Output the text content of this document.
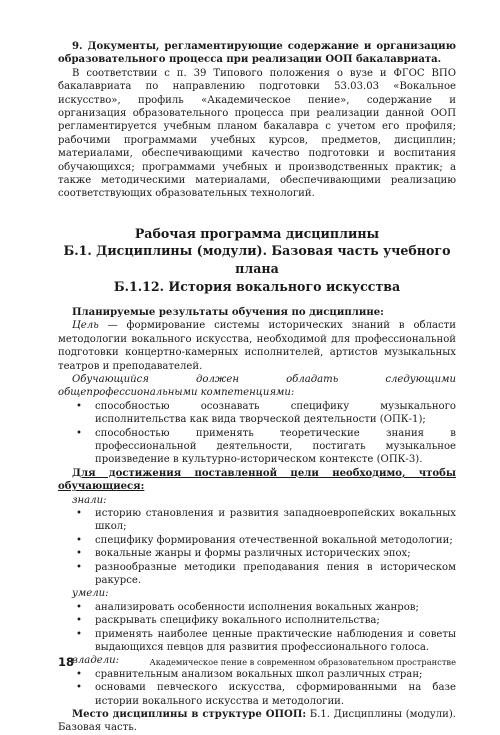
9. Документы, регламентирующие содержание и организацию образовательного процесса при реализации ООП бакалавриата.

В соответствии с п. 39 Типового положения о вузе и ФГОС ВПО бакалавриата по направлению подготовки 53.03.03 «Вокальное искусство», профиль «Академическое пение», содержание и организация образовательного процесса при реализации данной ООП регламентируется учебным планом бакалавра с учетом его профиля; рабочими программами учебных курсов, предметов, дисциплин; материалами, обеспечивающими качество подготовки и воспитания обучающихся; программами учебных и производственных практик; а также методическими материалами, обеспечивающими реализацию соответствующих образовательных технологий.

Рабочая программа дисциплины

Б.1. Дисциплины (модули). Базовая часть учебного плана

Б.1.12. История вокального искусства

Планируемые результаты обучения по дисциплине:

Цель — формирование системы исторических знаний в области методологии вокального искусства, необходимой для профессиональной подготовки концертно-камерных исполнителей, артистов музыкальных театров и преподавателей.

Обучающийся должен обладать следующими общепрофессиональными компетенциями:

• способностью осознавать специфику музыкального исполнительства как вида творческой деятельности (ОПК-1);
• способностью применять теоретические знания в профессиональной деятельности, постигать музыкальное произведение в культурно-историческом контексте (ОПК-3).

Для достижения поставленной цели необходимо, чтобы обучающиеся:

знали:

• историю становления и развития западноевропейских вокальных школ;
• специфику формирования отечественной вокальной методологии;
• вокальные жанры и формы различных исторических эпох;
• разнообразные методики преподавания пения в историческом ракурсе.

умели:

• анализировать особенности исполнения вокальных жанров;
• раскрывать специфику вокального исполнительства;
• применять наиболее ценные практические наблюдения и советы выдающихся певцов для развития профессионального голоса.

владели:

• сравнительным анализом вокальных школ различных стран;
• основами певческого искусства, сформированными на базе истории вокального искусства и методологии.

Место дисциплины в структуре ОПОП: Б.1. Дисциплины (модули). Базовая часть.

18	Академическое пение в современном образовательном пространстве
